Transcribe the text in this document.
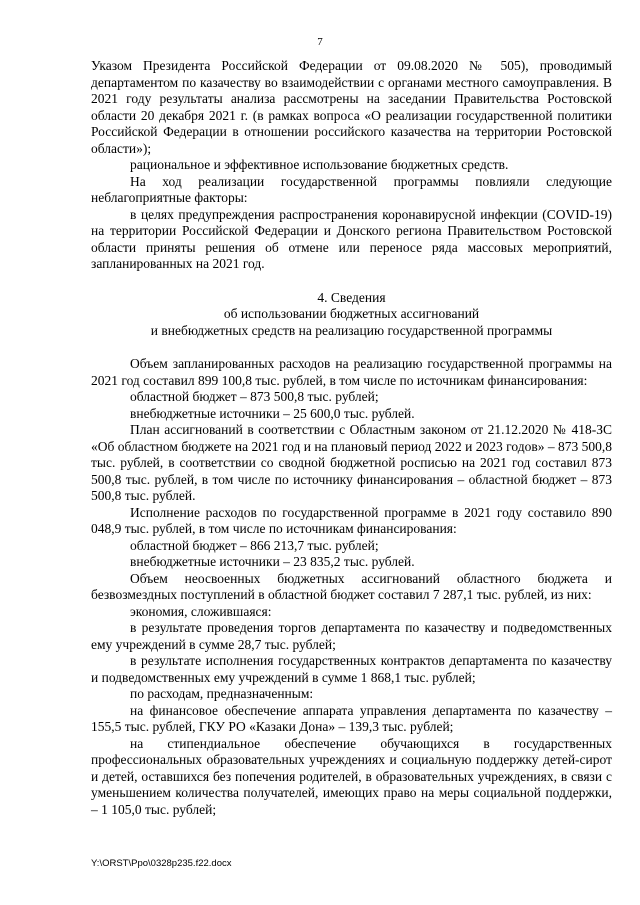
7

Указом Президента Российской Федерации от 09.08.2020 № 505), проводимый департаментом по казачеству во взаимодействии с органами местного самоуправления. В 2021 году результаты анализа рассмотрены на заседании Правительства Ростовской области 20 декабря 2021 г. (в рамках вопроса «О реализации государственной политики Российской Федерации в отношении российского казачества на территории Ростовской области»);

рациональное и эффективное использование бюджетных средств.

На ход реализации государственной программы повлияли следующие неблагоприятные факторы:

в целях предупреждения распространения коронавирусной инфекции (COVID-19) на территории Российской Федерации и Донского региона Правительством Ростовской области приняты решения об отмене или переносе ряда массовых мероприятий, запланированных на 2021 год.

4. Сведения

об использовании бюджетных ассигнований

и внебюджетных средств на реализацию государственной программы

Объем запланированных расходов на реализацию государственной программы на 2021 год составил 899 100,8 тыс. рублей, в том числе по источникам финансирования:

областной бюджет – 873 500,8 тыс. рублей;

внебюджетные источники – 25 600,0 тыс. рублей.

План ассигнований в соответствии с Областным законом от 21.12.2020 № 418-ЗС «Об областном бюджете на 2021 год и на плановый период 2022 и 2023 годов» – 873 500,8 тыс. рублей, в соответствии со сводной бюджетной росписью на 2021 год составил 873 500,8 тыс. рублей, в том числе по источнику финансирования – областной бюджет – 873 500,8 тыс. рублей.

Исполнение расходов по государственной программе в 2021 году составило 890 048,9 тыс. рублей, в том числе по источникам финансирования:

областной бюджет – 866 213,7 тыс. рублей;

внебюджетные источники – 23 835,2 тыс. рублей.

Объем неосвоенных бюджетных ассигнований областного бюджета и безвозмездных поступлений в областной бюджет составил 7 287,1 тыс. рублей, из них:

экономия, сложившаяся:

в результате проведения торгов департамента по казачеству и подведомственных ему учреждений в сумме 28,7 тыс. рублей;

в результате исполнения государственных контрактов департамента по казачеству и подведомственных ему учреждений в сумме 1 868,1 тыс. рублей;

по расходам, предназначенным:

на финансовое обеспечение аппарата управления департамента по казачеству – 155,5 тыс. рублей, ГКУ РО «Казаки Дона» – 139,3 тыс. рублей;

на стипендиальное обеспечение обучающихся в государственных профессиональных образовательных учреждениях и социальную поддержку детей-сирот и детей, оставшихся без попечения родителей, в образовательных учреждениях, в связи с уменьшением количества получателей, имеющих право на меры социальной поддержки, – 1 105,0 тыс. рублей;

Y:\ORST\Ppo\0328p235.f22.docx
